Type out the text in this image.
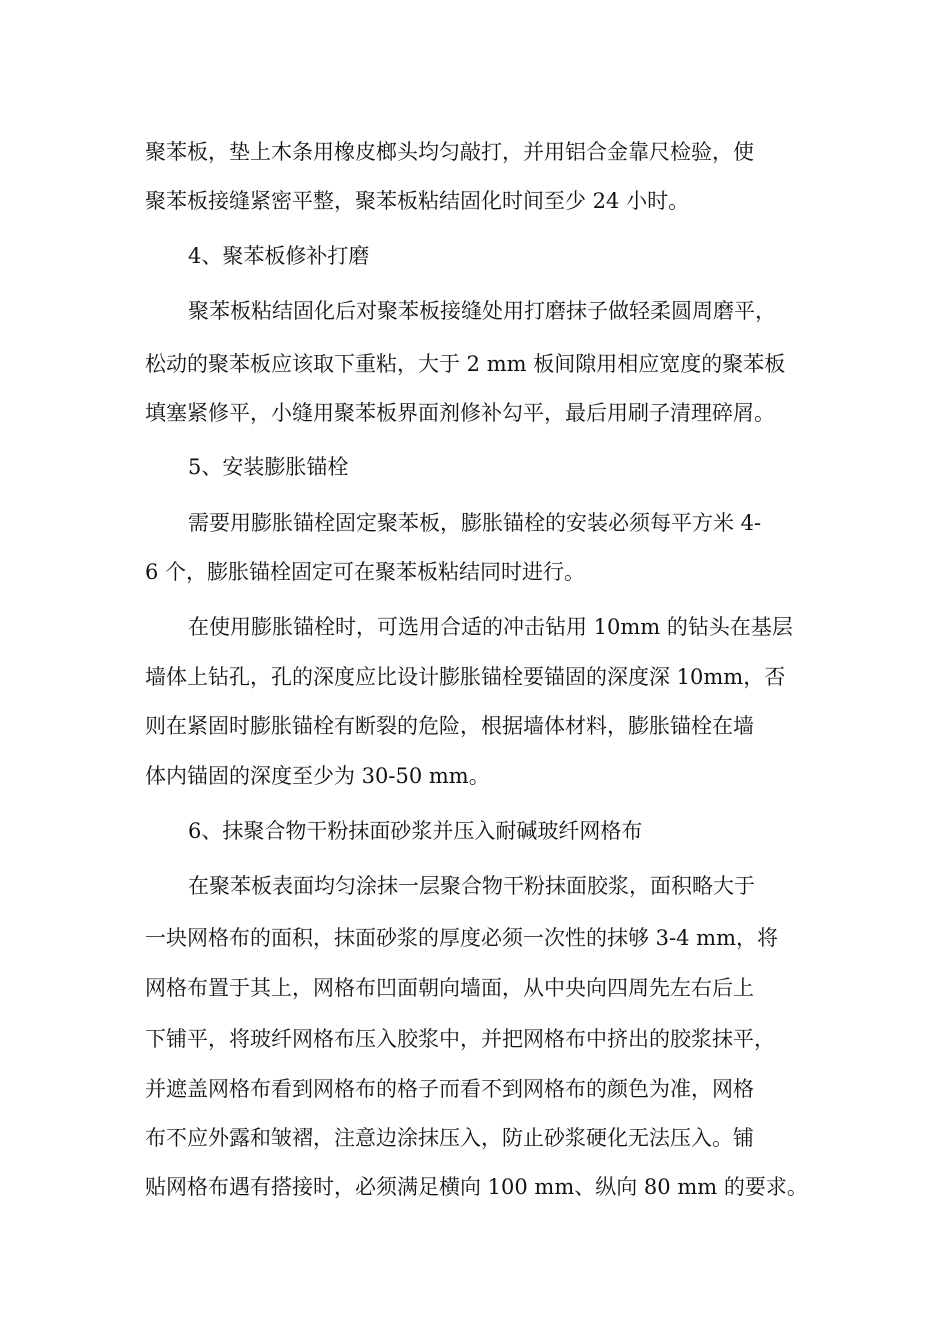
聚苯板，垫上木条用橡皮榔头均匀敲打，并用铝合金靠尺检验，使
聚苯板接缝紧密平整，聚苯板粘结固化时间至少 24 小时。
4、聚苯板修补打磨
聚苯板粘结固化后对聚苯板接缝处用打磨抹子做轻柔圆周磨平，
松动的聚苯板应该取下重粘，大于 2 mm 板间隙用相应宽度的聚苯板
填塞紧修平，小缝用聚苯板界面剂修补勾平，最后用刷子清理碎屑。
5、安装膨胀锚栓
需要用膨胀锚栓固定聚苯板，膨胀锚栓的安装必须每平方米 4-
6 个，膨胀锚栓固定可在聚苯板粘结同时进行。
在使用膨胀锚栓时，可选用合适的冲击钻用 10mm 的钻头在基层
墙体上钻孔，孔的深度应比设计膨胀锚栓要锚固的深度深 10mm，否
则在紧固时膨胀锚栓有断裂的危险，根据墙体材料，膨胀锚栓在墙
体内锚固的深度至少为 30-50 mm。
6、抹聚合物干粉抹面砂浆并压入耐碱玻纤网格布
在聚苯板表面均匀涂抹一层聚合物干粉抹面胶浆，面积略大于
一块网格布的面积，抹面砂浆的厚度必须一次性的抹够 3-4 mm，将
网格布置于其上，网格布凹面朝向墙面，从中央向四周先左右后上
下铺平，将玻纤网格布压入胶浆中，并把网格布中挤出的胶浆抹平，
并遮盖网格布看到网格布的格子而看不到网格布的颜色为准，网格
布不应外露和皱褶，注意边涂抹压入，防止砂浆硬化无法压入。铺
贴网格布遇有搭接时，必须满足横向 100 mm、纵向 80 mm 的要求。
